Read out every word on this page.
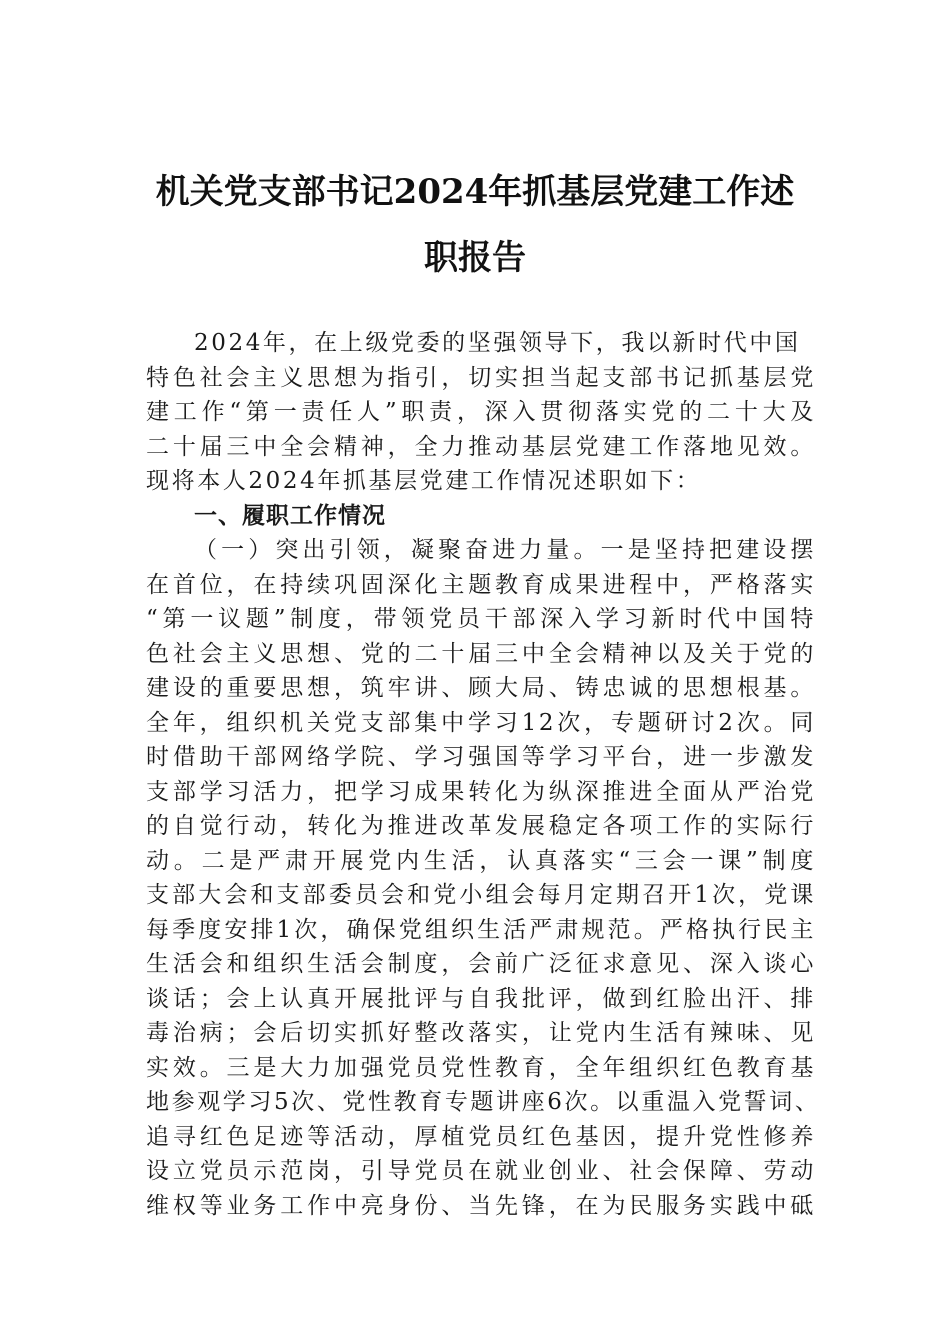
机关党支部书记2024年抓基层党建工作述
职报告
2024年，在上级党委的坚强领导下，我以新时代中国
特色社会主义思想为指引，切实担当起支部书记抓基层党
建工作“第一责任人”职责，深入贯彻落实党的二十大及
二十届三中全会精神，全力推动基层党建工作落地见效。
现将本人2024年抓基层党建工作情况述职如下：
一、履职工作情况
（一）突出引领，凝聚奋进力量。一是坚持把建设摆
在首位，在持续巩固深化主题教育成果进程中，严格落实
“第一议题”制度，带领党员干部深入学习新时代中国特
色社会主义思想、党的二十届三中全会精神以及关于党的
建设的重要思想，筑牢讲、顾大局、铸忠诚的思想根基。
全年，组织机关党支部集中学习12次，专题研讨2次。同
时借助干部网络学院、学习强国等学习平台，进一步激发
支部学习活力，把学习成果转化为纵深推进全面从严治党
的自觉行动，转化为推进改革发展稳定各项工作的实际行
动。二是严肃开展党内生活，认真落实“三会一课”制度
支部大会和支部委员会和党小组会每月定期召开1次，党课
每季度安排1次，确保党组织生活严肃规范。严格执行民主
生活会和组织生活会制度，会前广泛征求意见、深入谈心
谈话；会上认真开展批评与自我批评，做到红脸出汗、排
毒治病；会后切实抓好整改落实，让党内生活有辣味、见
实效。三是大力加强党员党性教育，全年组织红色教育基
地参观学习5次、党性教育专题讲座6次。以重温入党誓词、
追寻红色足迹等活动，厚植党员红色基因，提升党性修养
设立党员示范岗，引导党员在就业创业、社会保障、劳动
维权等业务工作中亮身份、当先锋，在为民服务实践中砥
